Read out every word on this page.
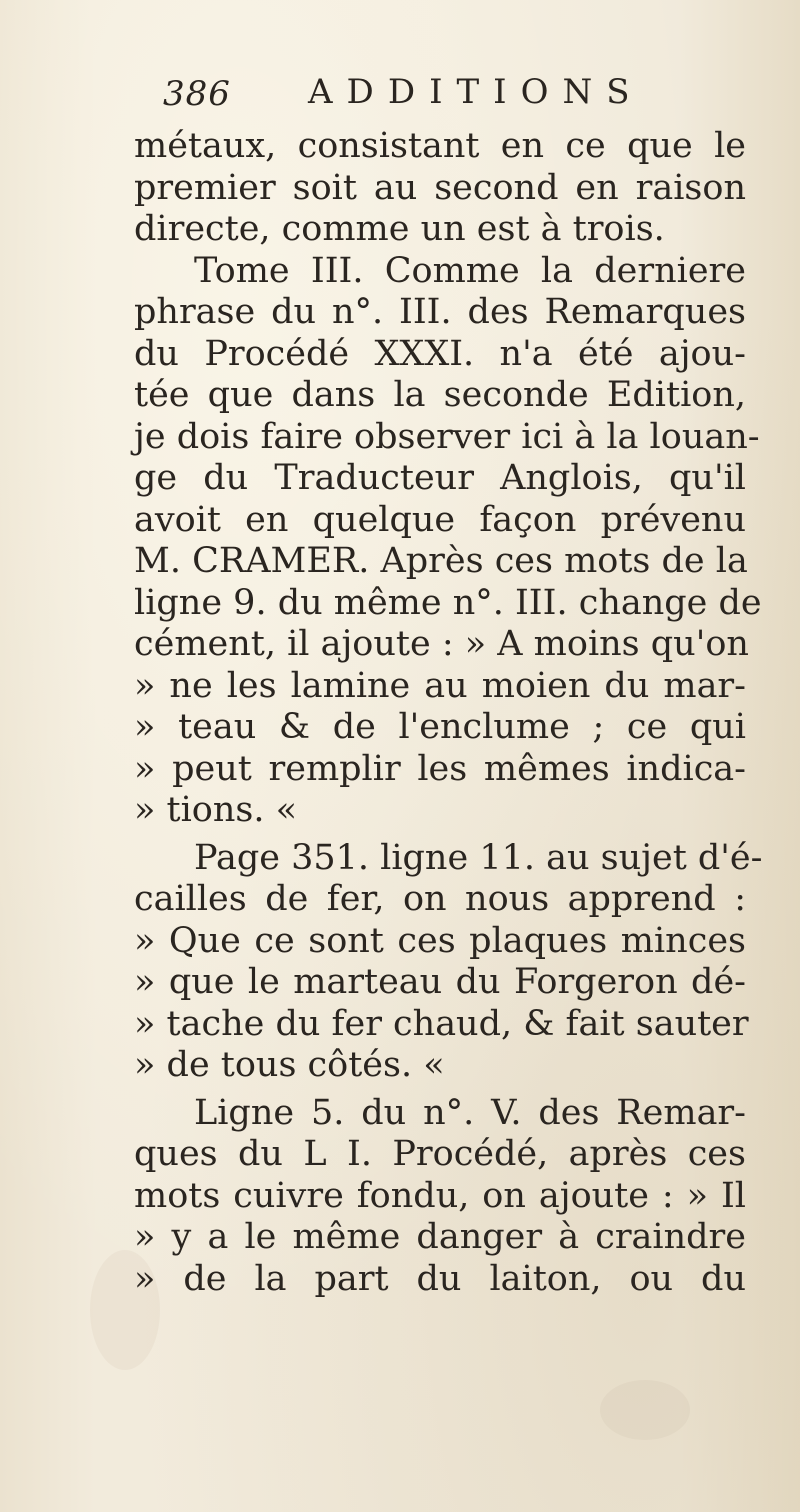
386 ADDITIONS
métaux, consistant en ce que le
premier soit au second en raison
directe, comme un est à trois.
Tome III. Comme la derniere
phrase du n°. III. des Remarques
du Procédé XXXI. n'a été ajou-
tée que dans la seconde Edition,
je dois faire observer ici à la louan-
ge du Traducteur Anglois, qu'il
avoit en quelque façon prévenu
M. CRAMER. Après ces mots de la
ligne 9. du même n°. III. change de
cément, il ajoute : » A moins qu'on
» ne les lamine au moien du mar-
» teau & de l'enclume ; ce qui
» peut remplir les mêmes indica-
» tions. «
Page 351. ligne 11. au sujet d'é-
cailles de fer, on nous apprend :
» Que ce sont ces plaques minces
» que le marteau du Forgeron dé-
» tache du fer chaud, & fait sauter
» de tous côtés. «
Ligne 5. du n°. V. des Remar-
ques du L I. Procédé, après ces
mots cuivre fondu, on ajoute : » Il
» y a le même danger à craindre
» de la part du laiton, ou du
